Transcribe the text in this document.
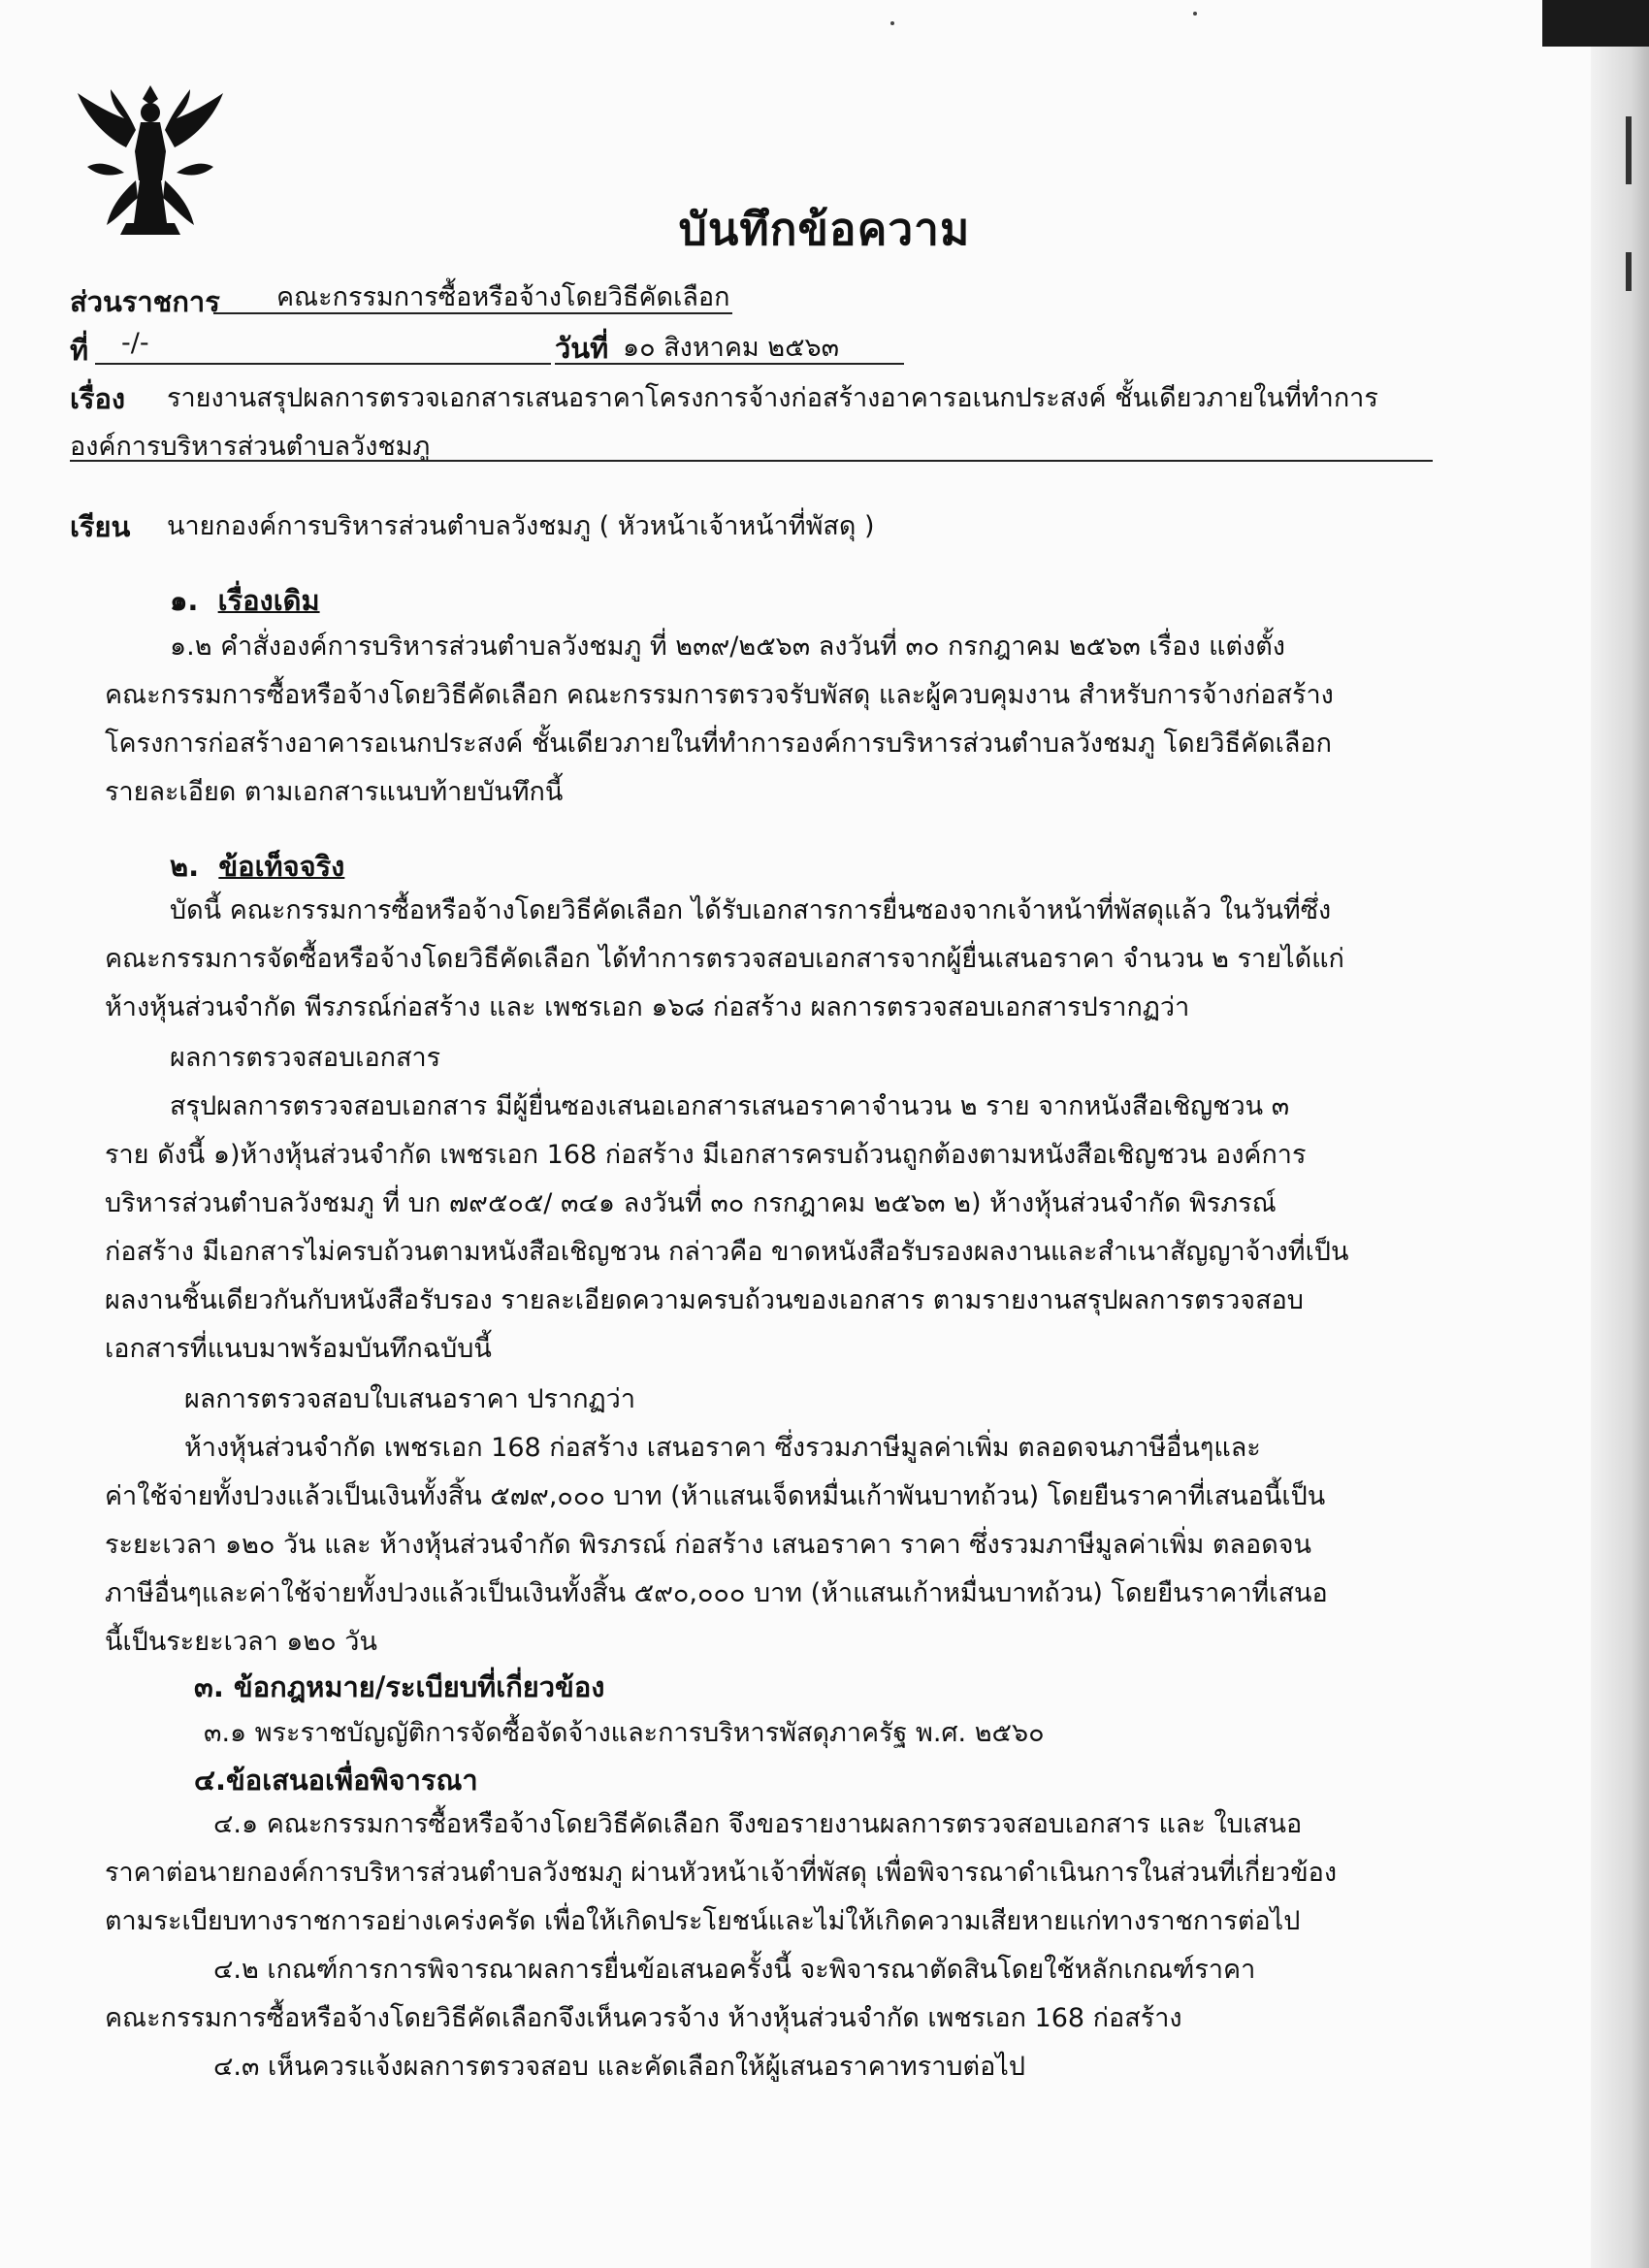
บันทึกข้อความ
ส่วนราชการ คณะกรรมการซื้อหรือจ้างโดยวิธีคัดเลือก
ที่ -/-	วันที่ ๑๐ สิงหาคม ๒๕๖๓
เรื่อง รายงานสรุปผลการตรวจเอกสารเสนอราคาโครงการจ้างก่อสร้างอาคารอเนกประสงค์ ชั้นเดียวภายในที่ทำการ
องค์การบริหารส่วนตำบลวังชมภู
เรียน นายกองค์การบริหารส่วนตำบลวังชมภู ( หัวหน้าเจ้าหน้าที่พัสดุ )
๑. เรื่องเดิม
๑.๒ คำสั่งองค์การบริหารส่วนตำบลวังชมภู ที่ ๒๓๙/๒๕๖๓ ลงวันที่ ๓๐ กรกฎาคม ๒๕๖๓ เรื่อง แต่งตั้ง
คณะกรรมการซื้อหรือจ้างโดยวิธีคัดเลือก คณะกรรมการตรวจรับพัสดุ และผู้ควบคุมงาน สำหรับการจ้างก่อสร้าง
โครงการก่อสร้างอาคารอเนกประสงค์ ชั้นเดียวภายในที่ทำการองค์การบริหารส่วนตำบลวังชมภู โดยวิธีคัดเลือก
รายละเอียด ตามเอกสารแนบท้ายบันทึกนี้
๒. ข้อเท็จจริง
บัดนี้ คณะกรรมการซื้อหรือจ้างโดยวิธีคัดเลือก ได้รับเอกสารการยื่นซองจากเจ้าหน้าที่พัสดุแล้ว ในวันที่ซึ่ง
คณะกรรมการจัดซื้อหรือจ้างโดยวิธีคัดเลือก ได้ทำการตรวจสอบเอกสารจากผู้ยื่นเสนอราคา จำนวน ๒ รายได้แก่
ห้างหุ้นส่วนจำกัด พีรภรณ์ก่อสร้าง และ เพชรเอก ๑๖๘ ก่อสร้าง ผลการตรวจสอบเอกสารปรากฏว่า
ผลการตรวจสอบเอกสาร
สรุปผลการตรวจสอบเอกสาร มีผู้ยื่นซองเสนอเอกสารเสนอราคาจำนวน ๒ ราย จากหนังสือเชิญชวน ๓
ราย ดังนี้ ๑)ห้างหุ้นส่วนจำกัด เพชรเอก 168 ก่อสร้าง มีเอกสารครบถ้วนถูกต้องตามหนังสือเชิญชวน องค์การ
บริหารส่วนตำบลวังชมภู ที่ บก ๗๙๕๐๕/ ๓๔๑ ลงวันที่ ๓๐ กรกฎาคม ๒๕๖๓ ๒) ห้างหุ้นส่วนจำกัด พิรภรณ์
ก่อสร้าง มีเอกสารไม่ครบถ้วนตามหนังสือเชิญชวน กล่าวคือ ขาดหนังสือรับรองผลงานและสำเนาสัญญาจ้างที่เป็น
ผลงานชิ้นเดียวกันกับหนังสือรับรอง รายละเอียดความครบถ้วนของเอกสาร ตามรายงานสรุปผลการตรวจสอบ
เอกสารที่แนบมาพร้อมบันทึกฉบับนี้
ผลการตรวจสอบใบเสนอราคา ปรากฏว่า
ห้างหุ้นส่วนจำกัด เพชรเอก 168 ก่อสร้าง เสนอราคา ซึ่งรวมภาษีมูลค่าเพิ่ม ตลอดจนภาษีอื่นๆและ
ค่าใช้จ่ายทั้งปวงแล้วเป็นเงินทั้งสิ้น ๕๗๙,๐๐๐ บาท (ห้าแสนเจ็ดหมื่นเก้าพันบาทถ้วน) โดยยืนราคาที่เสนอนี้เป็น
ระยะเวลา ๑๒๐ วัน และ ห้างหุ้นส่วนจำกัด พิรภรณ์ ก่อสร้าง เสนอราคา ราคา ซึ่งรวมภาษีมูลค่าเพิ่ม ตลอดจน
ภาษีอื่นๆและค่าใช้จ่ายทั้งปวงแล้วเป็นเงินทั้งสิ้น ๕๙๐,๐๐๐ บาท (ห้าแสนเก้าหมื่นบาทถ้วน) โดยยืนราคาที่เสนอ
นี้เป็นระยะเวลา ๑๒๐ วัน
๓. ข้อกฎหมาย/ระเบียบที่เกี่ยวข้อง
๓.๑ พระราชบัญญัติการจัดซื้อจัดจ้างและการบริหารพัสดุภาครัฐ พ.ศ. ๒๕๖๐
๔.ข้อเสนอเพื่อพิจารณา
๔.๑ คณะกรรมการซื้อหรือจ้างโดยวิธีคัดเลือก จึงขอรายงานผลการตรวจสอบเอกสาร และ ใบเสนอ
ราคาต่อนายกองค์การบริหารส่วนตำบลวังชมภู ผ่านหัวหน้าเจ้าที่พัสดุ เพื่อพิจารณาดำเนินการในส่วนที่เกี่ยวข้อง
ตามระเบียบทางราชการอย่างเคร่งครัด เพื่อให้เกิดประโยชน์และไม่ให้เกิดความเสียหายแก่ทางราชการต่อไป
๔.๒ เกณฑ์การการพิจารณาผลการยื่นข้อเสนอครั้งนี้ จะพิจารณาตัดสินโดยใช้หลักเกณฑ์ราคา
คณะกรรมการซื้อหรือจ้างโดยวิธีคัดเลือกจึงเห็นควรจ้าง ห้างหุ้นส่วนจำกัด เพชรเอก 168 ก่อสร้าง
๔.๓ เห็นควรแจ้งผลการตรวจสอบ และคัดเลือกให้ผู้เสนอราคาทราบต่อไป
